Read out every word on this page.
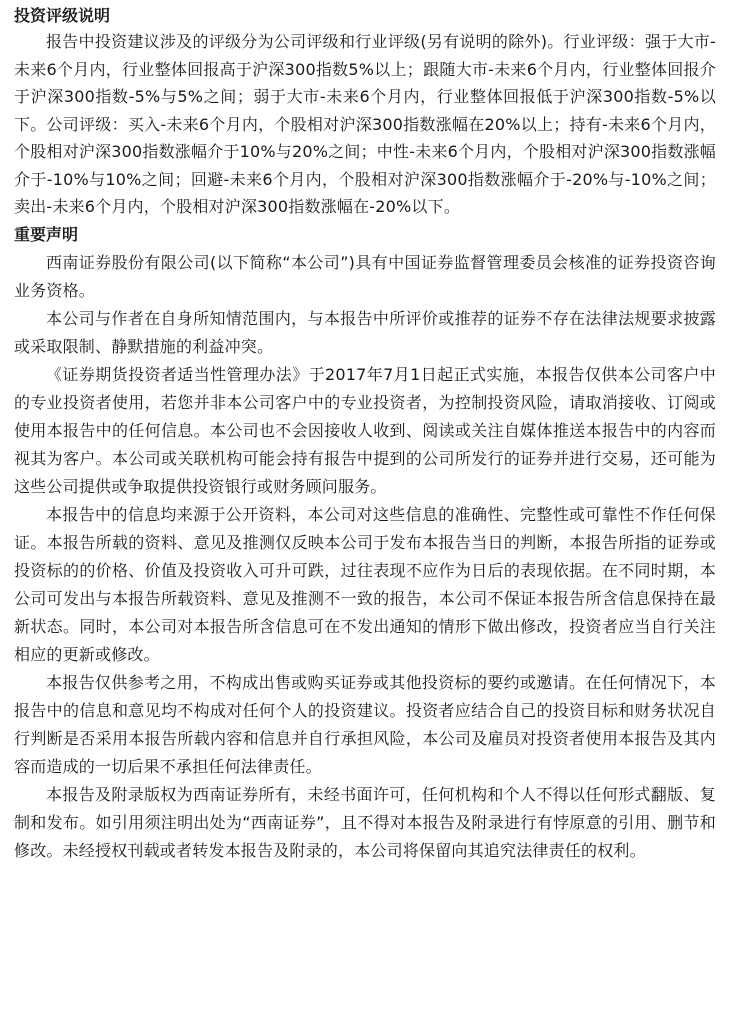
投资评级说明

报告中投资建议涉及的评级分为公司评级和行业评级(另有说明的除外)。行业评级：强于大市-未来6个月内，行业整体回报高于沪深300指数5%以上；跟随大市-未来6个月内，行业整体回报介于沪深300指数-5%与5%之间；弱于大市-未来6个月内，行业整体回报低于沪深300指数-5%以下。公司评级：买入-未来6个月内，个股相对沪深300指数涨幅在20%以上；持有-未来6个月内，个股相对沪深300指数涨幅介于10%与20%之间；中性-未来6个月内，个股相对沪深300指数涨幅介于-10%与10%之间；回避-未来6个月内，个股相对沪深300指数涨幅介于-20%与-10%之间；卖出-未来6个月内，个股相对沪深300指数涨幅在-20%以下。

重要声明

西南证券股份有限公司(以下简称“本公司”)具有中国证券监督管理委员会核准的证券投资咨询业务资格。

本公司与作者在自身所知情范围内，与本报告中所评价或推荐的证券不存在法律法规要求披露或采取限制、静默措施的利益冲突。

《证券期货投资者适当性管理办法》于2017年7月1日起正式实施，本报告仅供本公司客户中的专业投资者使用，若您并非本公司客户中的专业投资者，为控制投资风险，请取消接收、订阅或使用本报告中的任何信息。本公司也不会因接收人收到、阅读或关注自媒体推送本报告中的内容而视其为客户。本公司或关联机构可能会持有报告中提到的公司所发行的证券并进行交易，还可能为这些公司提供或争取提供投资银行或财务顾问服务。

本报告中的信息均来源于公开资料，本公司对这些信息的准确性、完整性或可靠性不作任何保证。本报告所载的资料、意见及推测仅反映本公司于发布本报告当日的判断，本报告所指的证券或投资标的的价格、价值及投资收入可升可跌，过往表现不应作为日后的表现依据。在不同时期，本公司可发出与本报告所载资料、意见及推测不一致的报告，本公司不保证本报告所含信息保持在最新状态。同时，本公司对本报告所含信息可在不发出通知的情形下做出修改，投资者应当自行关注相应的更新或修改。

本报告仅供参考之用，不构成出售或购买证券或其他投资标的要约或邀请。在任何情况下，本报告中的信息和意见均不构成对任何个人的投资建议。投资者应结合自己的投资目标和财务状况自行判断是否采用本报告所载内容和信息并自行承担风险，本公司及雇员对投资者使用本报告及其内容而造成的一切后果不承担任何法律责任。

本报告及附录版权为西南证券所有，未经书面许可，任何机构和个人不得以任何形式翻版、复制和发布。如引用须注明出处为“西南证券”，且不得对本报告及附录进行有悖原意的引用、删节和修改。未经授权刊载或者转发本报告及附录的，本公司将保留向其追究法律责任的权利。
